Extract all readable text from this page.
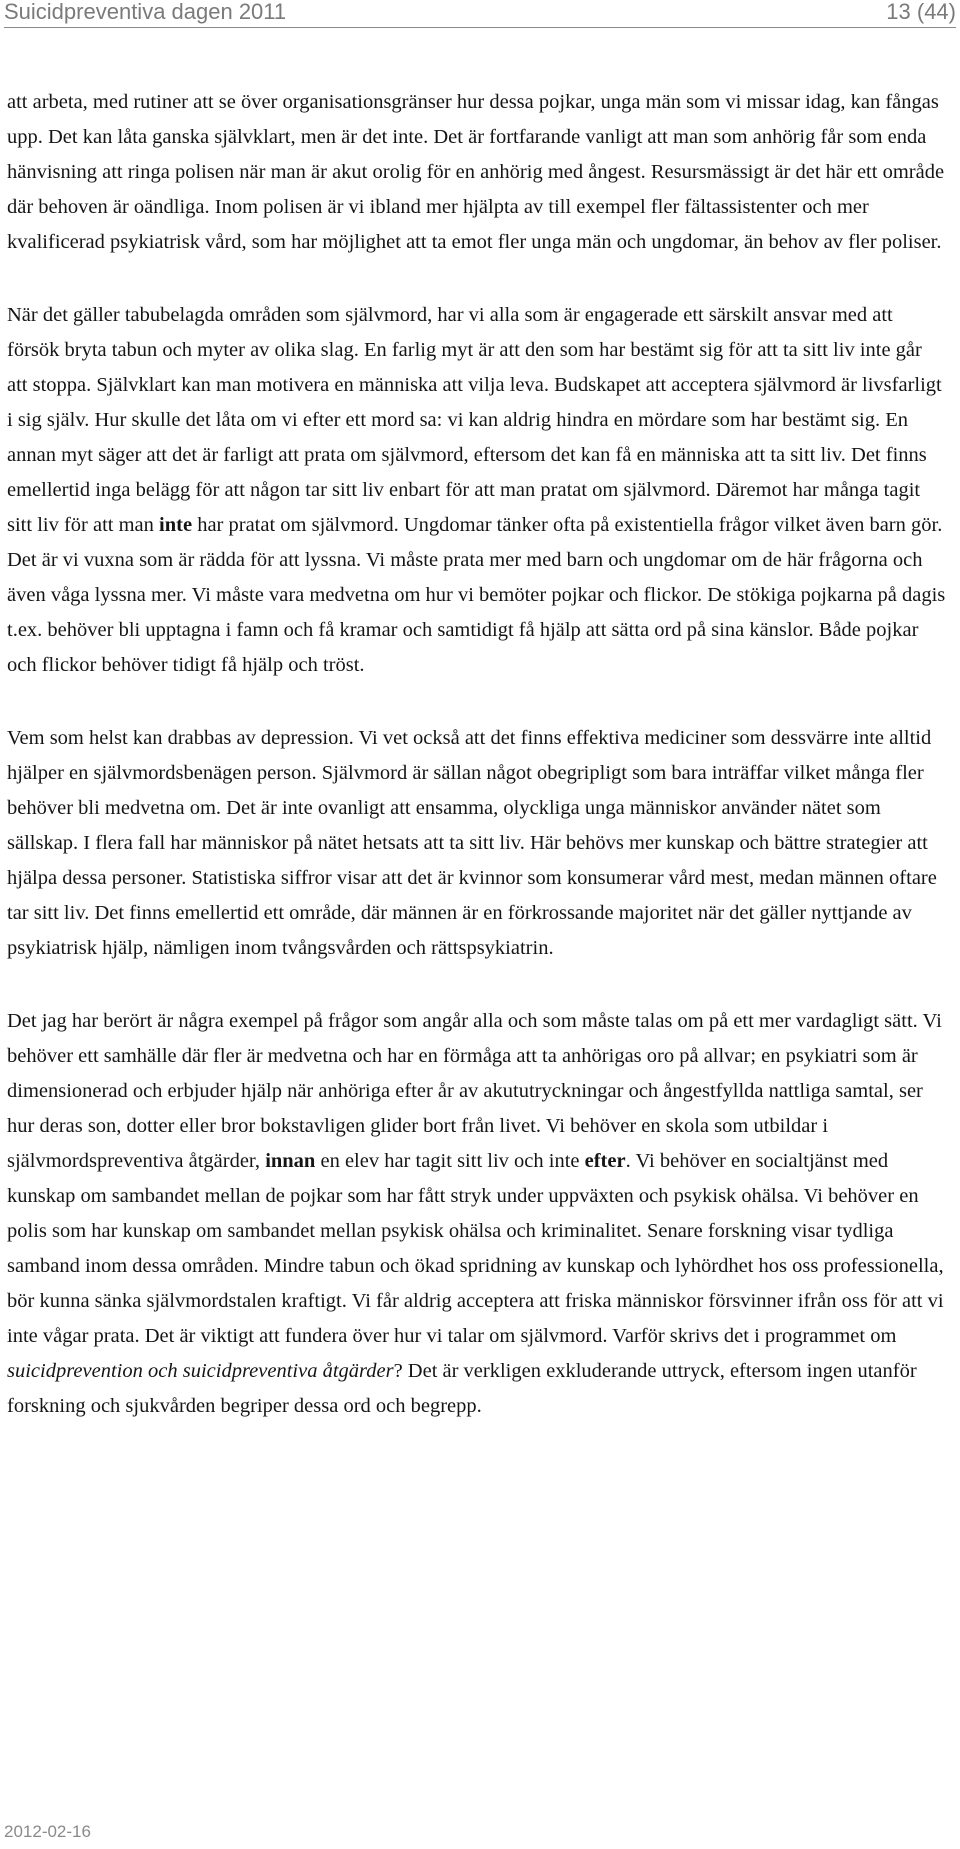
Suicidpreventiva dagen 2011	13 (44)

att arbeta, med rutiner att se över organisationsgränser hur dessa pojkar, unga män som vi missar idag, kan fångas upp. Det kan låta ganska självklart, men är det inte. Det är fortfarande vanligt att man som anhörig får som enda hänvisning att ringa polisen när man är akut orolig för en anhörig med ångest. Resursmässigt är det här ett område där behoven är oändliga. Inom polisen är vi ibland mer hjälpta av till exempel fler fältassistenter och mer kvalificerad psykiatrisk vård, som har möjlighet att ta emot fler unga män och ungdomar, än behov av fler poliser.

När det gäller tabubelagda områden som självmord, har vi alla som är engagerade ett särskilt ansvar med att försök bryta tabun och myter av olika slag. En farlig myt är att den som har bestämt sig för att ta sitt liv inte går att stoppa. Självklart kan man motivera en människa att vilja leva. Budskapet att acceptera självmord är livsfarligt i sig själv. Hur skulle det låta om vi efter ett mord sa: vi kan aldrig hindra en mördare som har bestämt sig. En annan myt säger att det är farligt att prata om självmord, eftersom det kan få en människa att ta sitt liv. Det finns emellertid inga belägg för att någon tar sitt liv enbart för att man pratat om självmord. Däremot har många tagit sitt liv för att man inte har pratat om självmord. Ungdomar tänker ofta på existentiella frågor vilket även barn gör. Det är vi vuxna som är rädda för att lyssna. Vi måste prata mer med barn och ungdomar om de här frågorna och även våga lyssna mer. Vi måste vara medvetna om hur vi bemöter pojkar och flickor. De stökiga pojkarna på dagis t.ex. behöver bli upptagna i famn och få kramar och samtidigt få hjälp att sätta ord på sina känslor. Både pojkar och flickor behöver tidigt få hjälp och tröst.

Vem som helst kan drabbas av depression. Vi vet också att det finns effektiva mediciner som dessvärre inte alltid hjälper en självmordsbenägen person. Självmord är sällan något obegripligt som bara inträffar vilket många fler behöver bli medvetna om. Det är inte ovanligt att ensamma, olyckliga unga människor använder nätet som sällskap. I flera fall har människor på nätet hetsats att ta sitt liv. Här behövs mer kunskap och bättre strategier att hjälpa dessa personer. Statistiska siffror visar att det är kvinnor som konsumerar vård mest, medan männen oftare tar sitt liv. Det finns emellertid ett område, där männen är en förkrossande majoritet när det gäller nyttjande av psykiatrisk hjälp, nämligen inom tvångsvården och rättspsykiatrin.

Det jag har berört är några exempel på frågor som angår alla och som måste talas om på ett mer vardagligt sätt. Vi behöver ett samhälle där fler är medvetna och har en förmåga att ta anhörigas oro på allvar; en psykiatri som är dimensionerad och erbjuder hjälp när anhöriga efter år av akututryckningar och ångestfyllda nattliga samtal, ser hur deras son, dotter eller bror bokstavligen glider bort från livet. Vi behöver en skola som utbildar i självmordspreventiva åtgärder, innan en elev har tagit sitt liv och inte efter. Vi behöver en socialtjänst med kunskap om sambandet mellan de pojkar som har fått stryk under uppväxten och psykisk ohälsa. Vi behöver en polis som har kunskap om sambandet mellan psykisk ohälsa och kriminalitet. Senare forskning visar tydliga samband inom dessa områden. Mindre tabun och ökad spridning av kunskap och lyhördhet hos oss professionella, bör kunna sänka självmordstalen kraftigt. Vi får aldrig acceptera att friska människor försvinner ifrån oss för att vi inte vågar prata. Det är viktigt att fundera över hur vi talar om självmord. Varför skrivs det i programmet om suicidprevention och suicidpreventiva åtgärder? Det är verkligen exkluderande uttryck, eftersom ingen utanför forskning och sjukvården begriper dessa ord och begrepp.

2012-02-16
